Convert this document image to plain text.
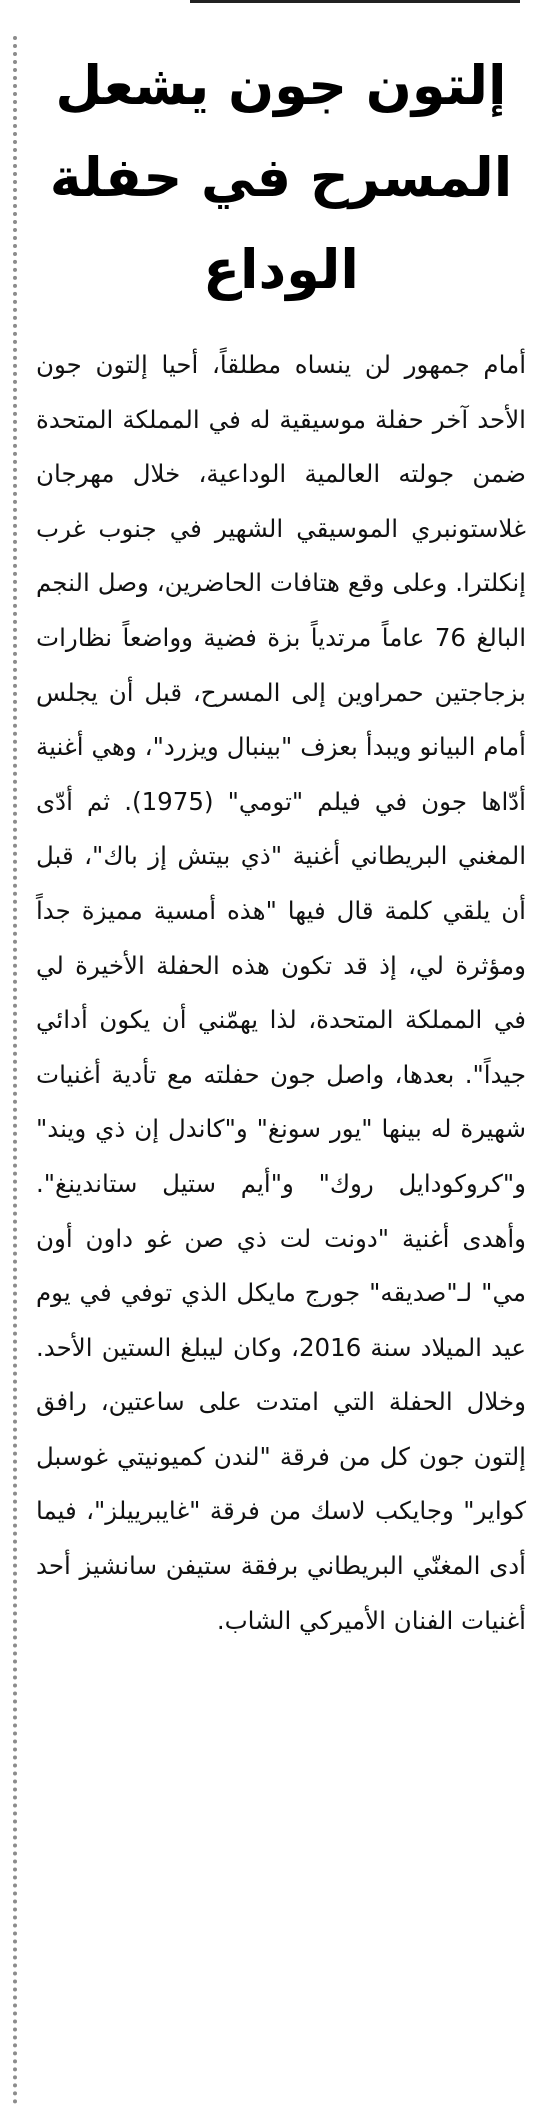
إلتون جون يشعل
المسرح في حفلة الوداع

أمام جمهور لن ينساه مطلقاً، أحيا إلتون جون الأحد آخر حفلة موسيقية له في المملكة المتحدة ضمن جولته العالمية الوداعية، خلال مهرجان غلاستونبري الموسيقي الشهير في جنوب غرب إنكلترا. وعلى وقع هتافات الحاضرين، وصل النجم البالغ 76 عاماً مرتدياً بزة فضية وواضعاً نظارات بزجاجتين حمراوين إلى المسرح، قبل أن يجلس أمام البيانو ويبدأ بعزف "بينبال ويزرد"، وهي أغنية أدّاها جون في فيلم "تومي" (1975). ثم أدّى المغني البريطاني أغنية "ذي بيتش إز باك"، قبل أن يلقي كلمة قال فيها "هذه أمسية مميزة جداً ومؤثرة لي، إذ قد تكون هذه الحفلة الأخيرة لي في المملكة المتحدة، لذا يهمّني أن يكون أدائي جيداً". بعدها، واصل جون حفلته مع تأدية أغنيات شهيرة له بينها "يور سونغ" و"كاندل إن ذي ويند" و"كروكودايل روك" و"أيم ستيل ستاندينغ". وأهدى أغنية "دونت لت ذي صن غو داون أون مي" لـ"صديقه" جورج مايكل الذي توفي في يوم عيد الميلاد سنة 2016، وكان ليبلغ الستين الأحد. وخلال الحفلة التي امتدت على ساعتين، رافق إلتون جون كل من فرقة "لندن كميونيتي غوسبل كواير" وجايكب لاسك من فرقة "غايبرييلز"، فيما أدى المغنّي البريطاني برفقة ستيفن سانشيز أحد أغنيات الفنان الأميركي الشاب.
